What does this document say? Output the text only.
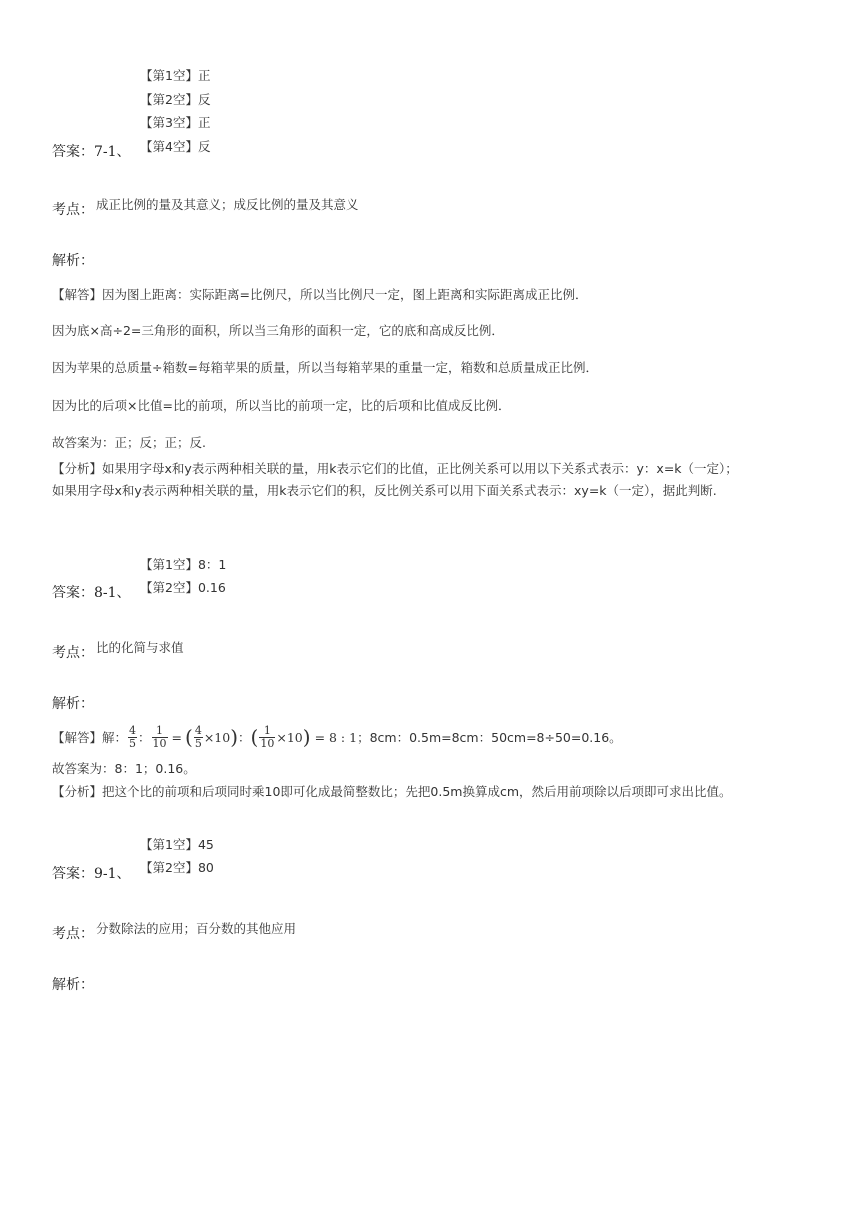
【第1空】正
【第2空】反
【第3空】正
答案：7-1、 【第4空】反
考点： 成正比例的量及其意义；成反比例的量及其意义
解析：
【解答】因为图上距离：实际距离=比例尺，所以当比例尺一定，图上距离和实际距离成正比例．
因为底×高÷2=三角形的面积，所以当三角形的面积一定，它的底和高成反比例．
因为苹果的总质量÷箱数=每箱苹果的质量，所以当每箱苹果的重量一定，箱数和总质量成正比例．
因为比的后项×比值=比的前项，所以当比的前项一定，比的后项和比值成反比例．
故答案为：正；反；正；反.
【分析】如果用字母x和y表示两种相关联的量，用k表示它们的比值，正比例关系可以用以下关系式表示：y：x=k（一定）；
如果用字母x和y表示两种相关联的量，用k表示它们的积，反比例关系可以用下面关系式表示：xy=k（一定），据此判断.
【第1空】8：1
答案：8-1、 【第2空】0.16
考点： 比的化简与求值
解析：
【解答】解： $\frac{4}{5}$ ： $\frac{1}{10}$ = ( $\frac{4}{5} \times 10$ ) ： ( $\frac{1}{10} \times 10$ ) = 8 : 1 ；8cm：0.5m=8cm：50cm=8÷50=0.16。
故答案为：8：1；0.16。
【分析】把这个比的前项和后项同时乘10即可化成最简整数比；先把0.5m换算成cm，然后用前项除以后项即可求出比值。
【第1空】45
答案：9-1、 【第2空】80
考点： 分数除法的应用；百分数的其他应用
解析：
